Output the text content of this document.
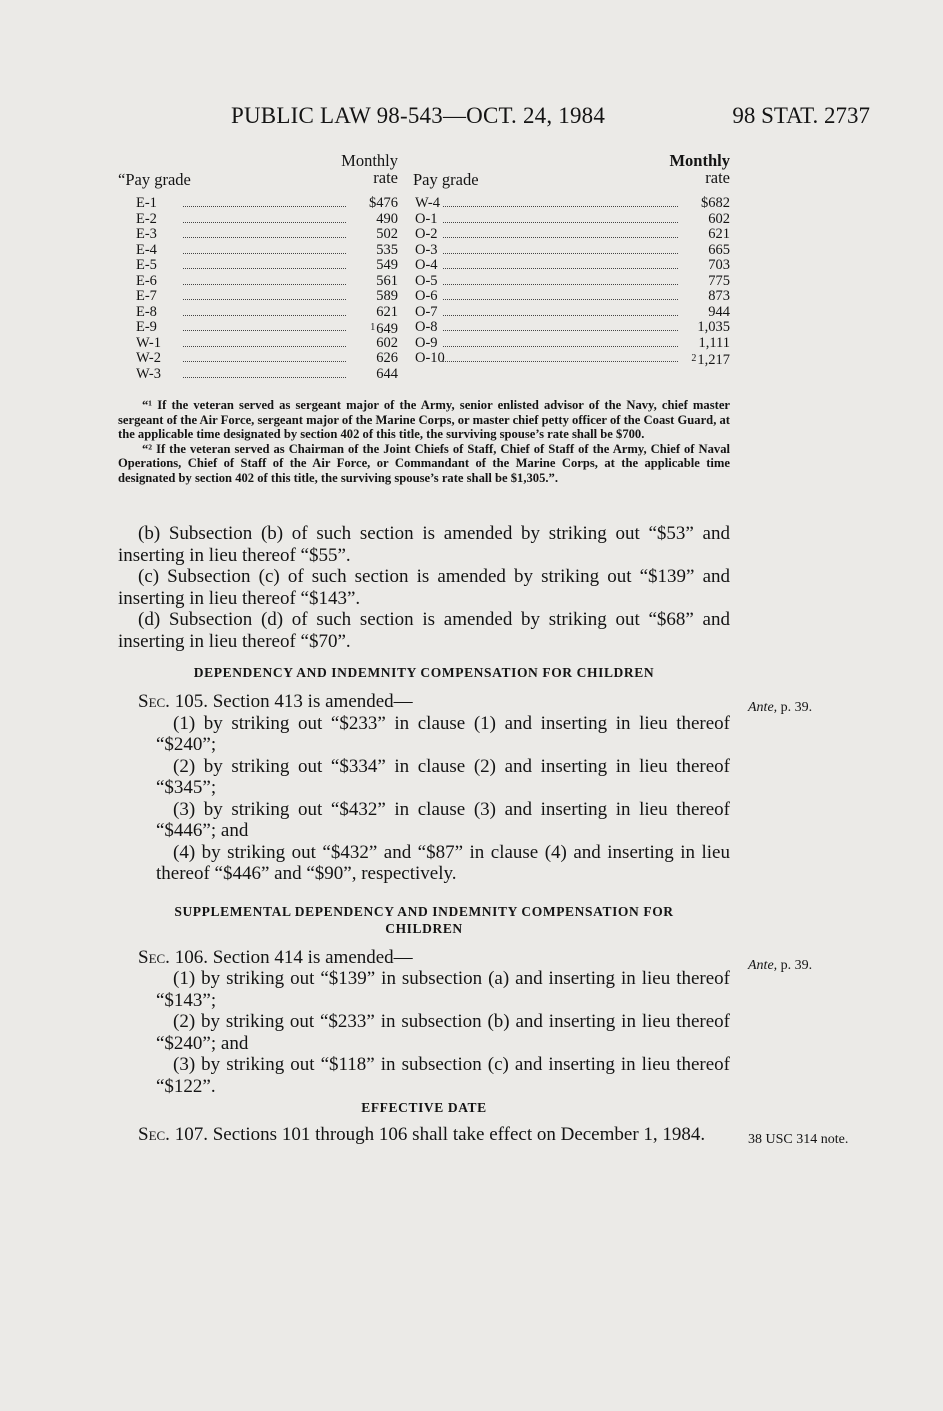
PUBLIC LAW 98-543—OCT. 24, 1984	98 STAT. 2737
“Pay grade
Monthly
rate Pay grade
Monthly
rate
E-1	$476 W-4	$682
E-2	490 O-1	602
E-3	502 O-2	621
E-4	535 O-3	665
E-5	549 O-4	703
E-6	561 O-5	775
E-7	589 O-6	873
E-8	621 O-7	944
E-9	$^1$649 O-8	1,035
W-1	602 O-9	1,111
W-2	626 O-10	$^2$1,217
W-3	644

“¹ If the veteran served as sergeant major of the Army, senior enlisted advisor of the Navy, chief master sergeant of the Air Force, sergeant major of the Marine Corps, or master chief petty officer of the Coast Guard, at the applicable time designated by section 402 of this title, the surviving spouse’s rate shall be $700.

“² If the veteran served as Chairman of the Joint Chiefs of Staff, Chief of Staff of the Army, Chief of Naval Operations, Chief of Staff of the Air Force, or Commandant of the Marine Corps, at the applicable time designated by section 402 of this title, the surviving spouse’s rate shall be $1,305.”.

(b) Subsection (b) of such section is amended by striking out “$53” and inserting in lieu thereof “$55”.

(c) Subsection (c) of such section is amended by striking out “$139” and inserting in lieu thereof “$143”.

(d) Subsection (d) of such section is amended by striking out “$68” and inserting in lieu thereof “$70”.

DEPENDENCY AND INDEMNITY COMPENSATION FOR CHILDREN

Sec. 105. Section 413 is amended—

(1) by striking out “$233” in clause (1) and inserting in lieu thereof “$240”;

(2) by striking out “$334” in clause (2) and inserting in lieu thereof “$345”;

(3) by striking out “$432” in clause (3) and inserting in lieu thereof “$446”; and

(4) by striking out “$432” and “$87” in clause (4) and inserting in lieu thereof “$446” and “$90”, respectively.

SUPPLEMENTAL DEPENDENCY AND INDEMNITY COMPENSATION FOR CHILDREN

Sec. 106. Section 414 is amended—

(1) by striking out “$139” in subsection (a) and inserting in lieu thereof “$143”;

(2) by striking out “$233” in subsection (b) and inserting in lieu thereof “$240”; and

(3) by striking out “$118” in subsection (c) and inserting in lieu thereof “$122”.

EFFECTIVE DATE

Sec. 107. Sections 101 through 106 shall take effect on December 1, 1984.

Ante, p. 39.
Ante, p. 39.
38 USC 314 note.
